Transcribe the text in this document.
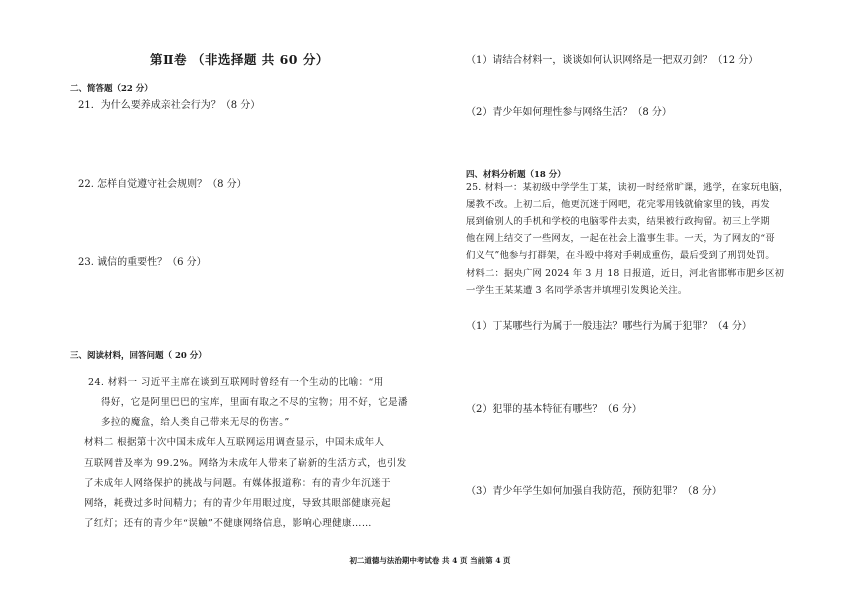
第Ⅱ卷 （非选择题 共 60 分）
二、简答题（22 分）
21．为什么要养成亲社会行为？（8 分）
22. 怎样自觉遵守社会规则？（8 分）
23. 诚信的重要性？（6 分）
三、阅读材料，回答问题（ 20 分）
24. 材料一 习近平主席在谈到互联网时曾经有一个生动的比喻：“用
得好，它是阿里巴巴的宝库，里面有取之不尽的宝物；用不好，它是潘
多拉的魔盒，给人类自己带来无尽的伤害。”
材料二 根据第十次中国未成年人互联网运用调查显示，中国未成年人
互联网普及率为 99.2%。网络为未成年人带来了崭新的生活方式，也引发
了未成年人网络保护的挑战与问题。有媒体报道称：有的青少年沉迷于
网络，耗费过多时间精力；有的青少年用眼过度，导致其眼部健康亮起
了红灯；还有的青少年“误触”不健康网络信息，影响心理健康……
（1）请结合材料一，谈谈如何认识网络是一把双刃剑？（12 分）
（2）青少年如何理性参与网络生活？（8 分）
四、材料分析题（18 分）
25. 材料一：某初级中学学生丁某，读初一时经常旷课，逃学，在家玩电脑，
屡教不改。上初二后，他更沉迷于网吧，花完零用钱就偷家里的钱，再发
展到偷别人的手机和学校的电脑零件去卖，结果被行政拘留。初三上学期
他在网上结交了一些网友，一起在社会上滥事生非。一天，为了网友的“哥
们义气”他参与打群架，在斗殴中将对手刺成重伤，最后受到了刑罚处罚。
材料二：据央广网 2024 年 3 月 18 日报道，近日，河北省邯郸市肥乡区初
一学生王某某遭 3 名同学杀害并填埋引发舆论关注。
（1）丁某哪些行为属于一般违法？哪些行为属于犯罪？（4 分）
（2）犯罪的基本特征有哪些？（6 分）
（3）青少年学生如何加强自我防范，预防犯罪？（8 分）
初二道德与法治期中考试卷 共 4 页 当前第 4 页
